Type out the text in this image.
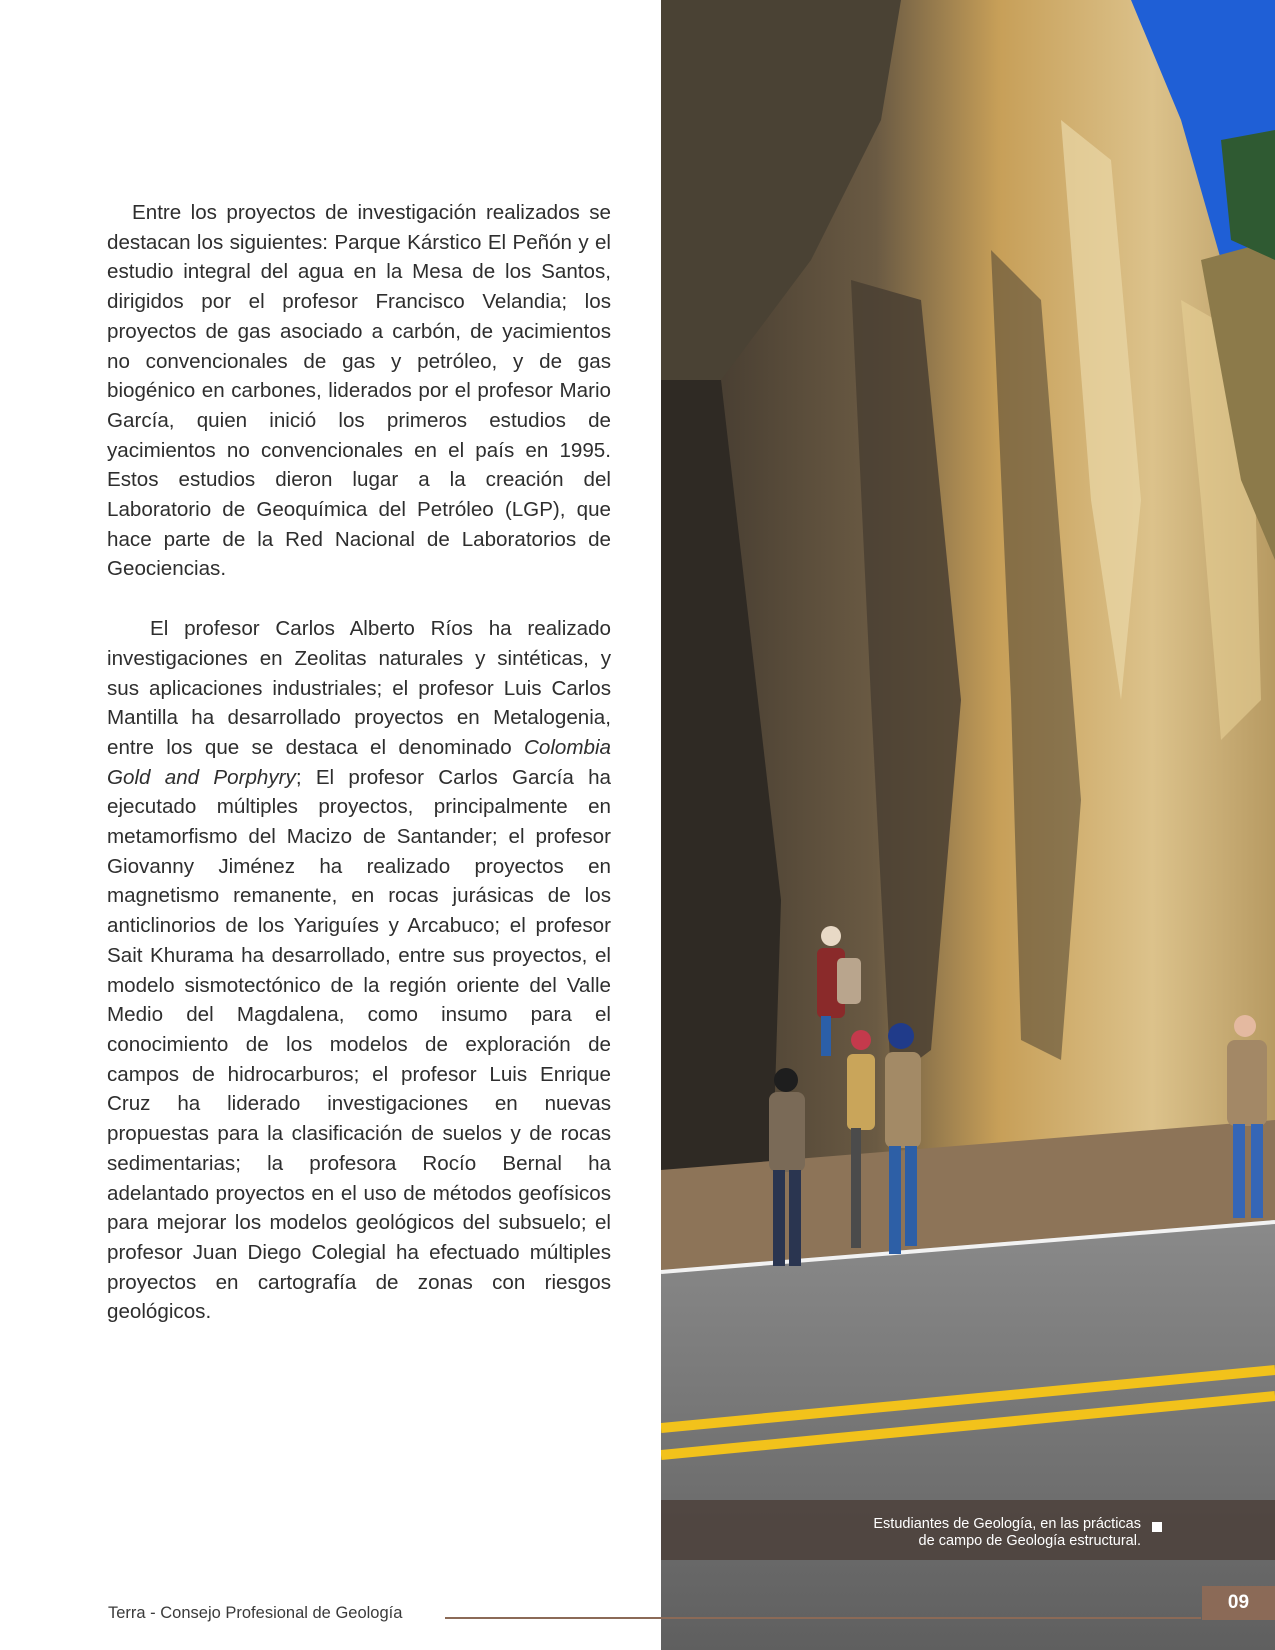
Entre los proyectos de investigación realizados se destacan los siguientes: Parque Kárstico El Peñón y el estudio integral del agua en la Mesa de los Santos, dirigidos por el profesor Francisco Velandia; los proyectos de gas asociado a carbón, de yacimientos no convencionales de gas y petróleo, y de gas biogénico en carbones, liderados por el profesor Mario García, quien inició los primeros estudios de yacimientos no convencionales en el país en 1995. Estos estudios dieron lugar a la creación del Laboratorio de Geoquímica del Petróleo (LGP), que hace parte de la Red Nacional de Laboratorios de Geociencias.

El profesor Carlos Alberto Ríos ha realizado investigaciones en Zeolitas naturales y sintéticas, y sus aplicaciones industriales; el profesor Luis Carlos Mantilla ha desarrollado proyectos en Metalogenia, entre los que se destaca el denominado Colombia Gold and Porphyry; El profesor Carlos García ha ejecutado múltiples proyectos, principalmente en metamorfismo del Macizo de Santander; el profesor Giovanny Jiménez ha realizado proyectos en magnetismo remanente, en rocas jurásicas de los anticlinorios de los Yariguíes y Arcabuco; el profesor Sait Khurama ha desarrollado, entre sus proyectos, el modelo sismotectónico de la región oriente del Valle Medio del Magdalena, como insumo para el conocimiento de los modelos de exploración de campos de hidrocarburos; el profesor Luis Enrique Cruz ha liderado investigaciones en nuevas propuestas para la clasificación de suelos y de rocas sedimentarias; la profesora Rocío Bernal ha adelantado proyectos en el uso de métodos geofísicos para mejorar los modelos geológicos del subsuelo; el profesor Juan Diego Colegial ha efectuado múltiples proyectos en cartografía de zonas con riesgos geológicos.

Estudiantes de Geología, en las prácticas
de campo de Geología estructural.
Terra - Consejo Profesional de Geología	09
